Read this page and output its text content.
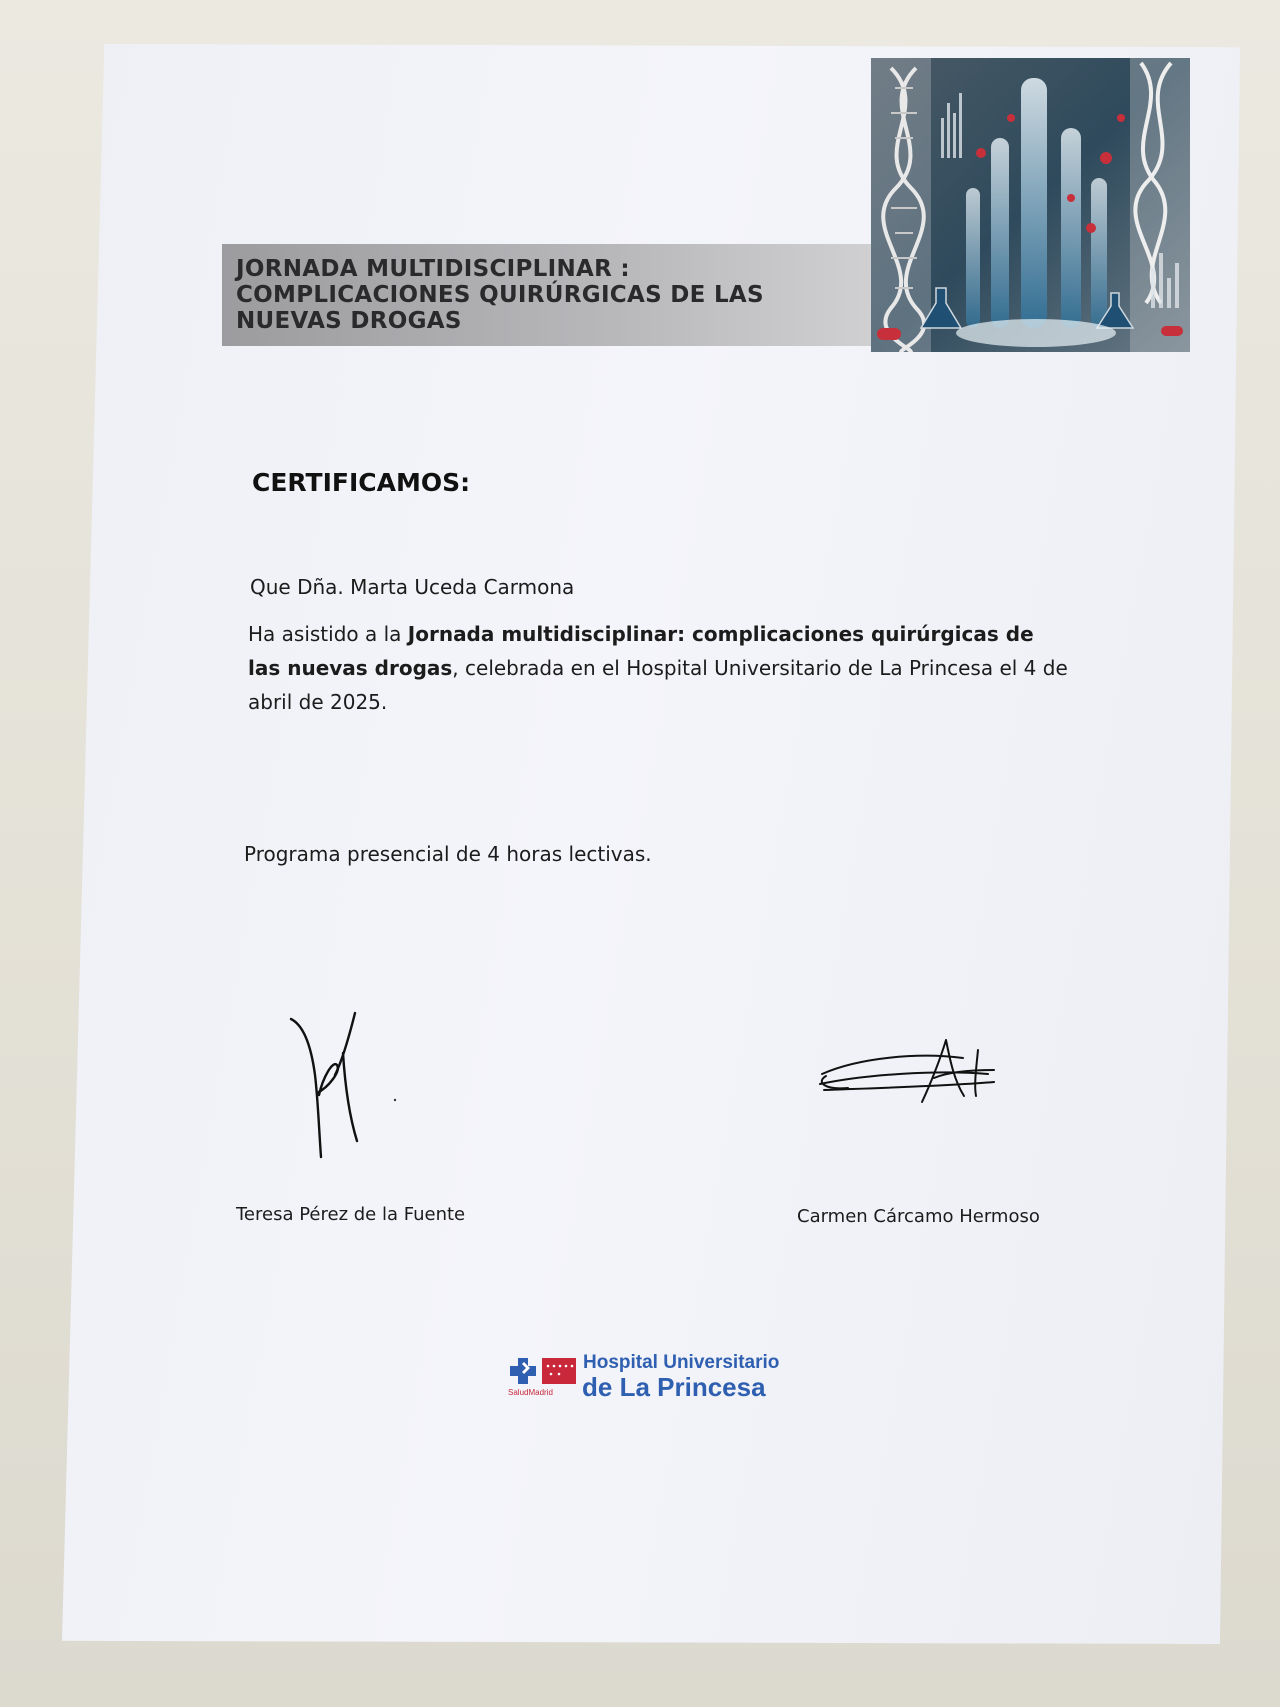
JORNADA MULTIDISCIPLINAR :
COMPLICACIONES QUIRÚRGICAS DE LAS
NUEVAS DROGAS
CERTIFICAMOS:
Que Dña. Marta Uceda Carmona
Ha asistido a la Jornada multidisciplinar: complicaciones quirúrgicas de las nuevas drogas, celebrada en el Hospital Universitario de La Princesa el 4 de abril de 2025.
Programa presencial de 4 horas lectivas.
Teresa Pérez de la Fuente	Carmen Cárcamo Hermoso
SaludMadrid
Hospital Universitario
de La Princesa
